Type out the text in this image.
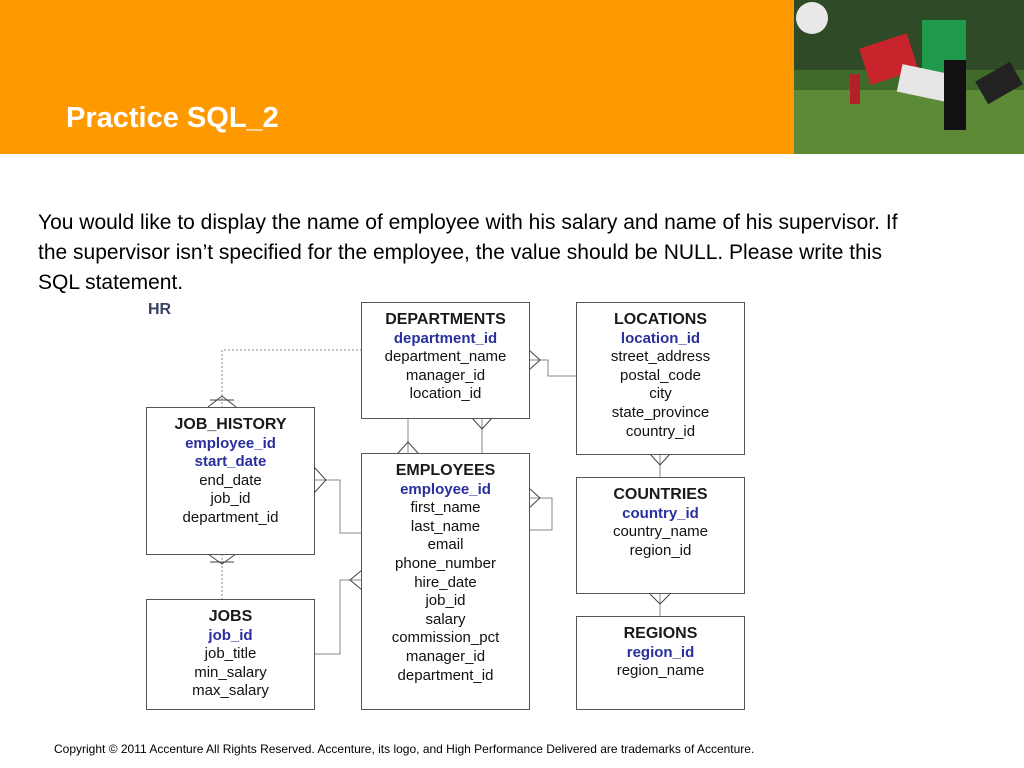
Practice SQL_2
You would like to display the name of employee with his salary and name of his supervisor. If the supervisor isn’t specified for the employee, the value should be NULL. Please write this SQL statement.
HR
DEPARTMENTS
department_id
department_name
manager_id
location_id
LOCATIONS
location_id
street_address
postal_code
city
state_province
country_id
JOB_HISTORY
employee_id
start_date
end_date
job_id
department_id
EMPLOYEES
employee_id
first_name
last_name
email
phone_number
hire_date
job_id
salary
commission_pct
manager_id
department_id
COUNTRIES
country_id
country_name
region_id
JOBS
job_id
job_title
min_salary
max_salary
REGIONS
region_id
region_name
Copyright © 2011 Accenture All Rights Reserved. Accenture, its logo, and High Performance Delivered are trademarks of Accenture.
